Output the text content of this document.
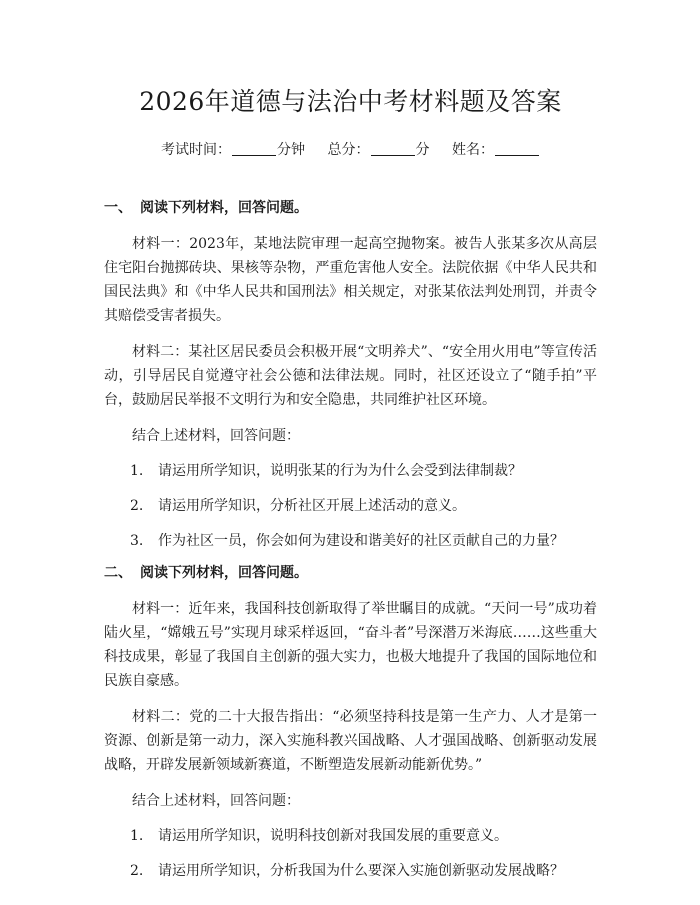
2026年道德与法治中考材料题及答案
考试时间：	分钟 总分：	分 姓名：

一、 阅读下列材料，回答问题。

材料一：2023年，某地法院审理一起高空抛物案。被告人张某多次从高层住宅阳台抛掷砖块、果核等杂物，严重危害他人安全。法院依据《中华人民共和国民法典》和《中华人民共和国刑法》相关规定，对张某依法判处刑罚，并责令其赔偿受害者损失。

材料二：某社区居民委员会积极开展“文明养犬”、“安全用火用电”等宣传活动，引导居民自觉遵守社会公德和法律法规。同时，社区还设立了“随手拍”平台，鼓励居民举报不文明行为和安全隐患，共同维护社区环境。

结合上述材料，回答问题：

1. 请运用所学知识，说明张某的行为为什么会受到法律制裁？

2. 请运用所学知识，分析社区开展上述活动的意义。

3. 作为社区一员，你会如何为建设和谐美好的社区贡献自己的力量？

二、 阅读下列材料，回答问题。

材料一：近年来，我国科技创新取得了举世瞩目的成就。“天问一号”成功着陆火星，“嫦娥五号”实现月球采样返回，“奋斗者”号深潜万米海底……这些重大科技成果，彰显了我国自主创新的强大实力，也极大地提升了我国的国际地位和民族自豪感。

材料二：党的二十大报告指出：“必须坚持科技是第一生产力、人才是第一资源、创新是第一动力，深入实施科教兴国战略、人才强国战略、创新驱动发展战略，开辟发展新领域新赛道，不断塑造发展新动能新优势。”

结合上述材料，回答问题：

1. 请运用所学知识，说明科技创新对我国发展的重要意义。

2. 请运用所学知识，分析我国为什么要深入实施创新驱动发展战略？
